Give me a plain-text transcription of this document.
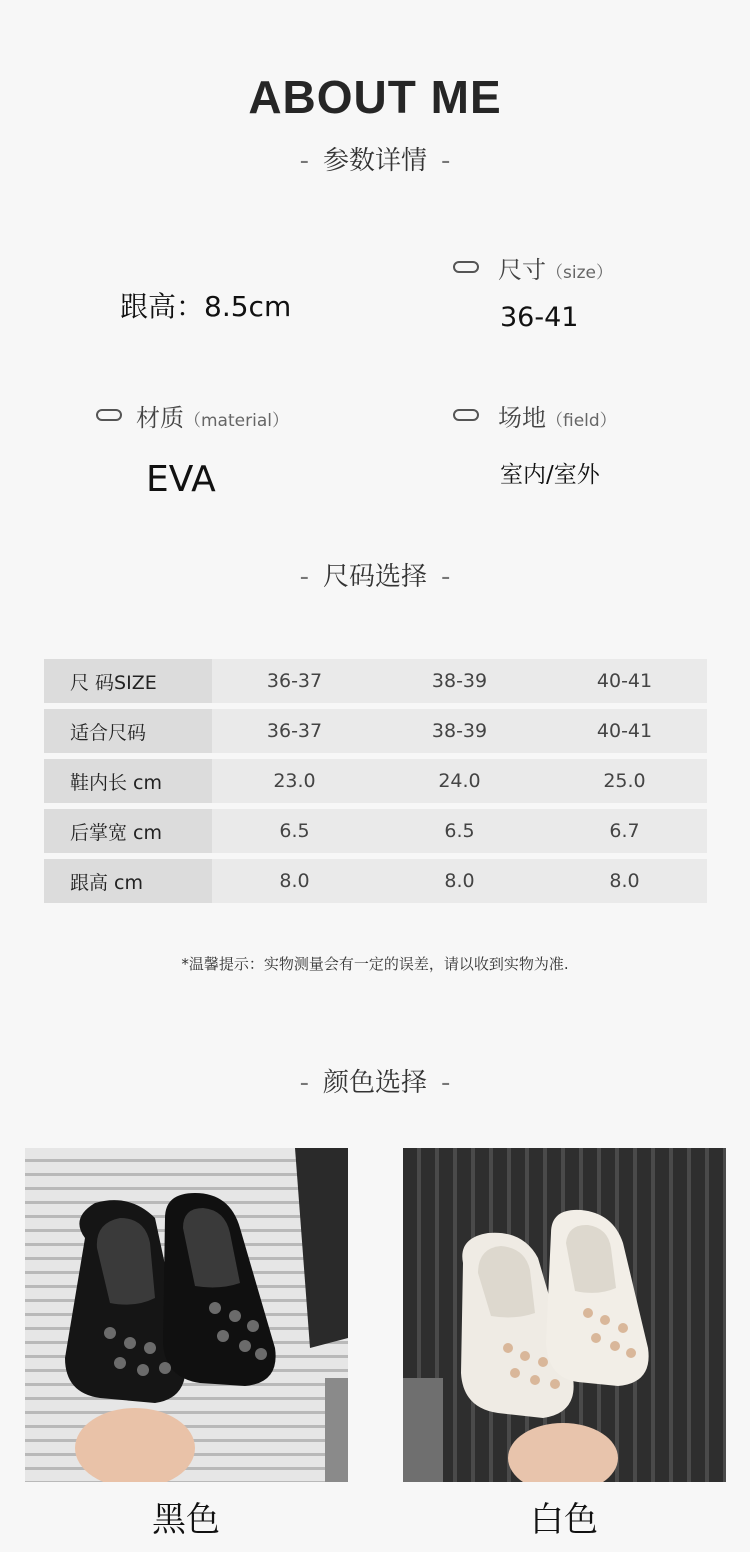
ABOUT ME
- 参数详情 -
跟高：8.5cm
尺寸（size）
36-41
材质（material）
EVA
场地（field）
室内/室外
- 尺码选择 -
尺 码SIZE	36-37	38-39	40-41
适合尺码	36-37	38-39	40-41
鞋内长 cm	23.0	24.0	25.0
后掌宽 cm	6.5	6.5	6.7
跟高 cm	8.0	8.0	8.0
*温馨提示：实物测量会有一定的误差，请以收到实物为准.
- 颜色选择 -
黑色	白色
